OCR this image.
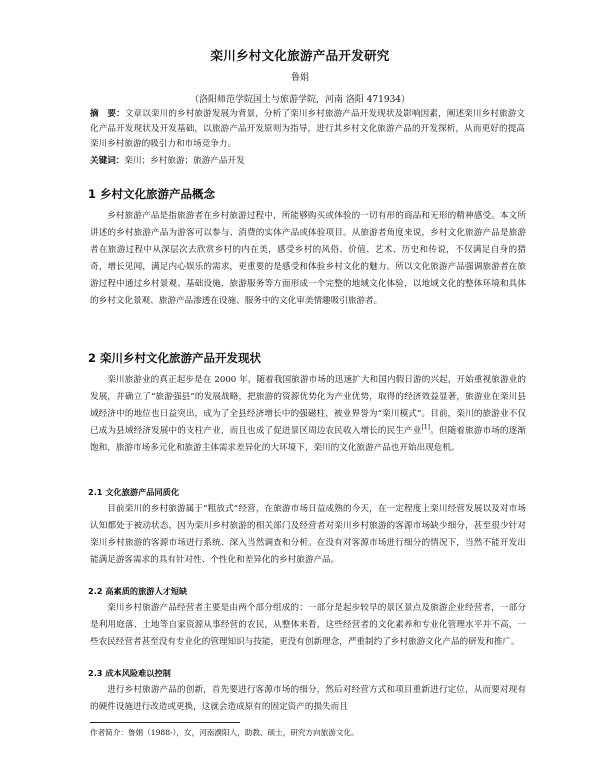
栾川乡村文化旅游产品开发研究
鲁娟
（洛阳师范学院国土与旅游学院，河南 洛阳 471934）
摘　要：文章以栾川的乡村旅游发展为背景，分析了栾川乡村旅游产品开发现状及影响因素，阐述栾川乡村旅游文化产品开发现状及开发基础，以旅游产品开发原则为指导，进行其乡村文化旅游产品的开发探析，从而更好的提高栾川乡村旅游的吸引力和市场竞争力。
关键词：栾川；乡村旅游；旅游产品开发
1 乡村文化旅游产品概念

乡村旅游产品是指旅游者在乡村旅游过程中，所能够购买或体验的一切有形的商品和无形的精神感受。本文所讲述的乡村旅游产品为游客可以参与、消费的实体产品或体验项目。从旅游者角度来说，乡村文化旅游产品是旅游者在旅游过程中从深层次去欣赏乡村的内在美，感受乡村的风俗、价值、艺术、历史和传说，不仅满足自身的猎奇，增长见闻，满足内心娱乐的需求，更重要的是感受和体验乡村文化的魅力。所以文化旅游产品强调旅游者在旅游过程中通过乡村景观、基础设施、旅游服务等方面形成一个完整的地域文化体验，以地域文化的整体环境和具体的乡村文化景观、旅游产品渗透在设施、服务中的文化审美情趣吸引旅游者。

2 栾川乡村文化旅游产品开发现状

栾川旅游业的真正起步是在 2000 年，随着我国旅游市场的迅速扩大和国内假日游的兴起，开始重视旅游业的发展，并确立了“旅游强县”的发展战略，把旅游的资源优势化为产业优势，取得的经济效益显著，旅游业在栾川县域经济中的地位也日益突出，成为了全县经济增长中的强磁柱，被业界誉为“栾川模式”。目前，栾川的旅游业不仅已成为县域经济发展中的支柱产业，而且也成了促进景区周边农民收入增长的民生产业[1]。但随着旅游市场的逐渐饱和，旅游市场多元化和旅游主体需求差异化的大环境下，栾川的文化旅游产品也开始出现危机。

2.1 文化旅游产品同质化

目前栾川的乡村旅游属于“粗放式”经营，在旅游市场日益成熟的今天，在一定程度上栾川经营发展以及对市场认知都处于被动状态，因为栾川乡村旅游的相关部门及经营者对栾川乡村旅游的客源市场缺少细分，甚至很少针对栾川乡村旅游的客源市场进行系统、深入当然调查和分析。在没有对客源市场进行细分的情况下，当然不能开发出能满足游客需求的具有针对性、个性化和差异化的乡村旅游产品。

2.2 高素质的旅游人才短缺

栾川乡村旅游产品经营者主要是由两个部分组成的：一部分是起步较早的景区景点及旅游企业经营者，一部分是利用庭落、土地等自家资源从事经营的农民，从整体来看，这些经营者的文化素养和专业化管理水平并不高，一些农民经营者甚至没有专业化的管理知识与技能，更没有创新理念，严重制约了乡村旅游文化产品的研发和推广。

2.3 成本风险难以控制

进行乡村旅游产品的创新，首先要进行客源市场的细分，然后对经营方式和项目重新进行定位，从而要对现有的硬件设施进行改造或更换，这就会造成原有的固定资产的损失而且

作者简介：鲁娟（1988-），女，河南濮阳人，助教、硕士，研究方向旅游文化。
